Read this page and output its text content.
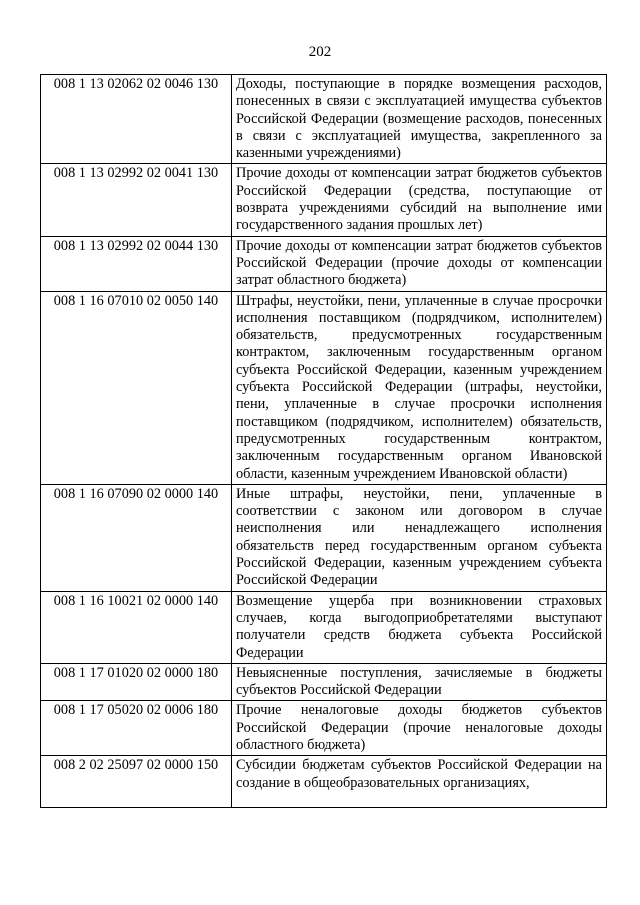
202
008 1 13 02062 02 0046 130	Доходы, поступающие в порядке возмещения расходов, понесенных в связи с эксплуатацией имущества субъектов Российской Федерации (возмещение расходов, понесенных в связи с эксплуатацией имущества, закрепленного за казенными учреждениями)
008 1 13 02992 02 0041 130	Прочие доходы от компенсации затрат бюджетов субъектов Российской Федерации (средства, поступающие от возврата учреждениями субсидий на выполнение ими государственного задания прошлых лет)
008 1 13 02992 02 0044 130	Прочие доходы от компенсации затрат бюджетов субъектов Российской Федерации (прочие доходы от компенсации затрат областного бюджета)
008 1 16 07010 02 0050 140	Штрафы, неустойки, пени, уплаченные в случае просрочки исполнения поставщиком (подрядчиком, исполнителем) обязательств, предусмотренных государственным контрактом, заключенным государственным органом субъекта Российской Федерации, казенным учреждением субъекта Российской Федерации (штрафы, неустойки, пени, уплаченные в случае просрочки исполнения поставщиком (подрядчиком, исполнителем) обязательств, предусмотренных государственным контрактом, заключенным государственным органом Ивановской области, казенным учреждением Ивановской области)
008 1 16 07090 02 0000 140	Иные штрафы, неустойки, пени, уплаченные в соответствии с законом или договором в случае неисполнения или ненадлежащего исполнения обязательств перед государственным органом субъекта Российской Федерации, казенным учреждением субъекта Российской Федерации
008 1 16 10021 02 0000 140	Возмещение ущерба при возникновении страховых случаев, когда выгодоприобретателями выступают получатели средств бюджета субъекта Российской Федерации
008 1 17 01020 02 0000 180	Невыясненные поступления, зачисляемые в бюджеты субъектов Российской Федерации
008 1 17 05020 02 0006 180	Прочие неналоговые доходы бюджетов субъектов Российской Федерации (прочие неналоговые доходы областного бюджета)
008 2 02 25097 02 0000 150	Субсидии бюджетам субъектов Российской Федерации на создание в общеобразовательных организациях,
